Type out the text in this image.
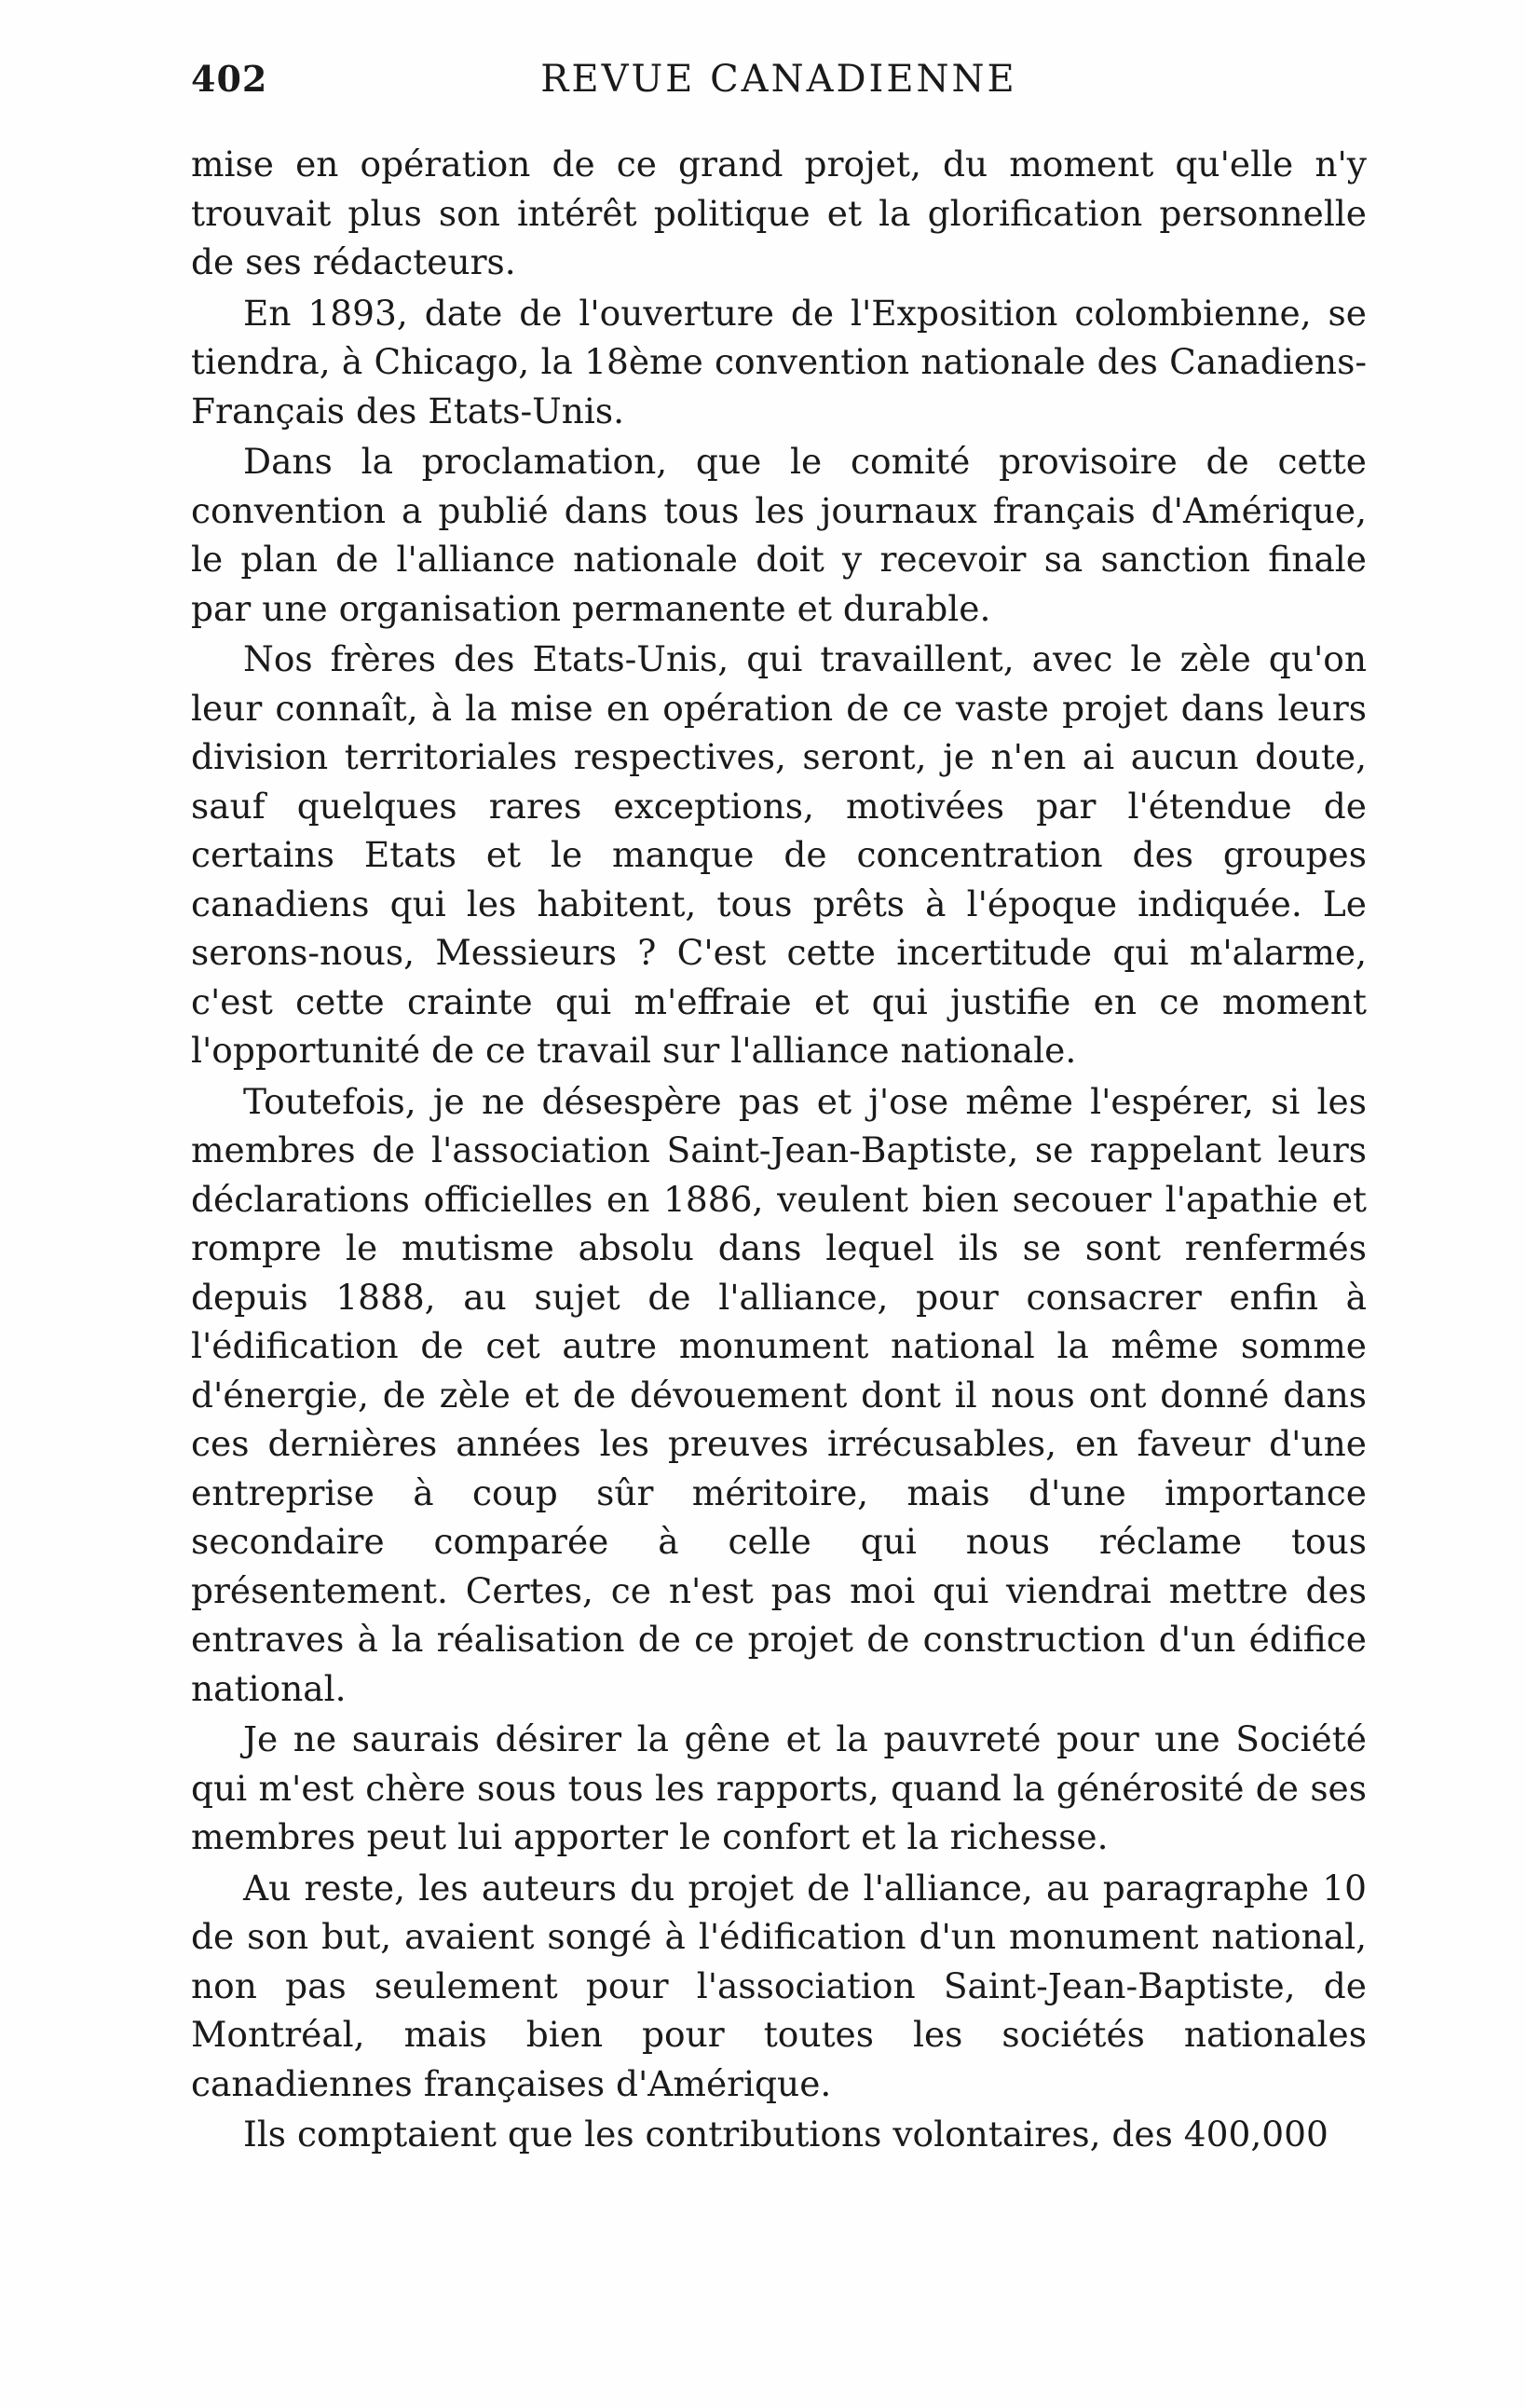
402	REVUE CANADIENNE

mise en opération de ce grand projet, du moment qu'elle n'y trouvait plus son intérêt politique et la glorification personnelle de ses rédacteurs.

En 1893, date de l'ouverture de l'Exposition colombienne, se tiendra, à Chicago, la 18ème convention nationale des Canadiens-Français des Etats-Unis.

Dans la proclamation, que le comité provisoire de cette convention a publié dans tous les journaux français d'Amérique, le plan de l'alliance nationale doit y recevoir sa sanction finale par une organisation permanente et durable.

Nos frères des Etats-Unis, qui travaillent, avec le zèle qu'on leur connaît, à la mise en opération de ce vaste projet dans leurs division territoriales respectives, seront, je n'en ai aucun doute, sauf quelques rares exceptions, motivées par l'étendue de certains Etats et le manque de concentration des groupes canadiens qui les habitent, tous prêts à l'époque indiquée. Le serons-nous, Messieurs ? C'est cette incertitude qui m'alarme, c'est cette crainte qui m'effraie et qui justifie en ce moment l'opportunité de ce travail sur l'alliance nationale.

Toutefois, je ne désespère pas et j'ose même l'espérer, si les membres de l'association Saint-Jean-Baptiste, se rappelant leurs déclarations officielles en 1886, veulent bien secouer l'apathie et rompre le mutisme absolu dans lequel ils se sont renfermés depuis 1888, au sujet de l'alliance, pour consacrer enfin à l'édification de cet autre monument national la même somme d'énergie, de zèle et de dévouement dont il nous ont donné dans ces dernières années les preuves irrécusables, en faveur d'une entreprise à coup sûr méritoire, mais d'une importance secondaire comparée à celle qui nous réclame tous présentement. Certes, ce n'est pas moi qui viendrai mettre des entraves à la réalisation de ce projet de construction d'un édifice national.

Je ne saurais désirer la gêne et la pauvreté pour une Société qui m'est chère sous tous les rapports, quand la générosité de ses membres peut lui apporter le confort et la richesse.

Au reste, les auteurs du projet de l'alliance, au paragraphe 10 de son but, avaient songé à l'édification d'un monument national, non pas seulement pour l'association Saint-Jean-Baptiste, de Montréal, mais bien pour toutes les sociétés nationales canadiennes françaises d'Amérique.

Ils comptaient que les contributions volontaires, des 400,000
